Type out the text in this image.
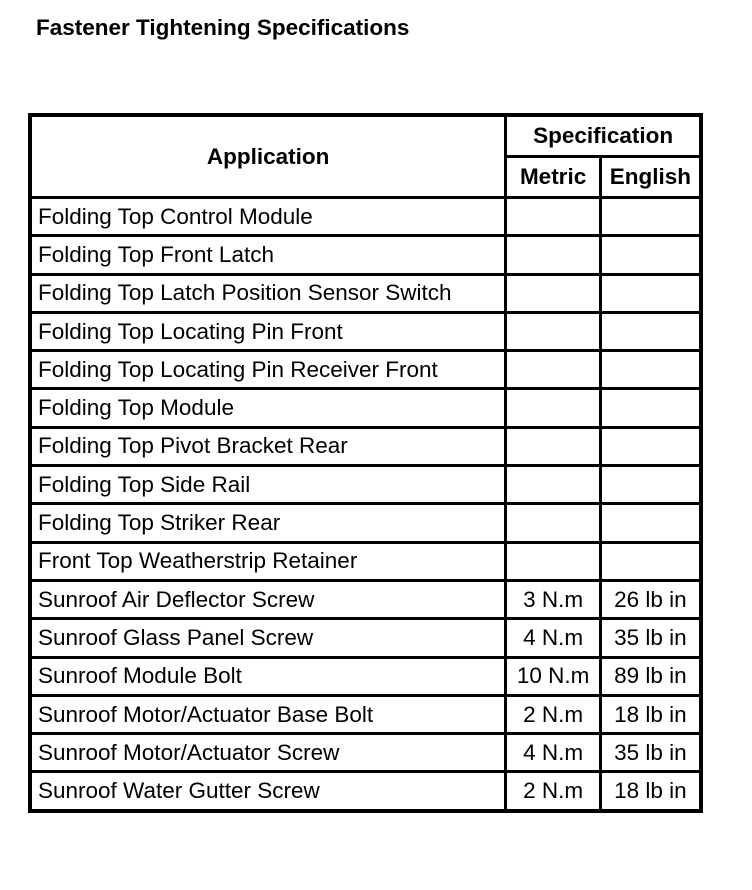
Fastener Tightening Specifications
Application	Specification	
	Metric	English
Folding Top Control Module		
Folding Top Front Latch		
Folding Top Latch Position Sensor Switch		
Folding Top Locating Pin Front		
Folding Top Locating Pin Receiver Front		
Folding Top Module		
Folding Top Pivot Bracket Rear		
Folding Top Side Rail		
Folding Top Striker Rear		
Front Top Weatherstrip Retainer		
Sunroof Air Deflector Screw	3 N.m	26 lb in
Sunroof Glass Panel Screw	4 N.m	35 lb in
Sunroof Module Bolt	10 N.m	89 lb in
Sunroof Motor/Actuator Base Bolt	2 N.m	18 lb in
Sunroof Motor/Actuator Screw	4 N.m	35 lb in
Sunroof Water Gutter Screw	2 N.m	18 lb in
